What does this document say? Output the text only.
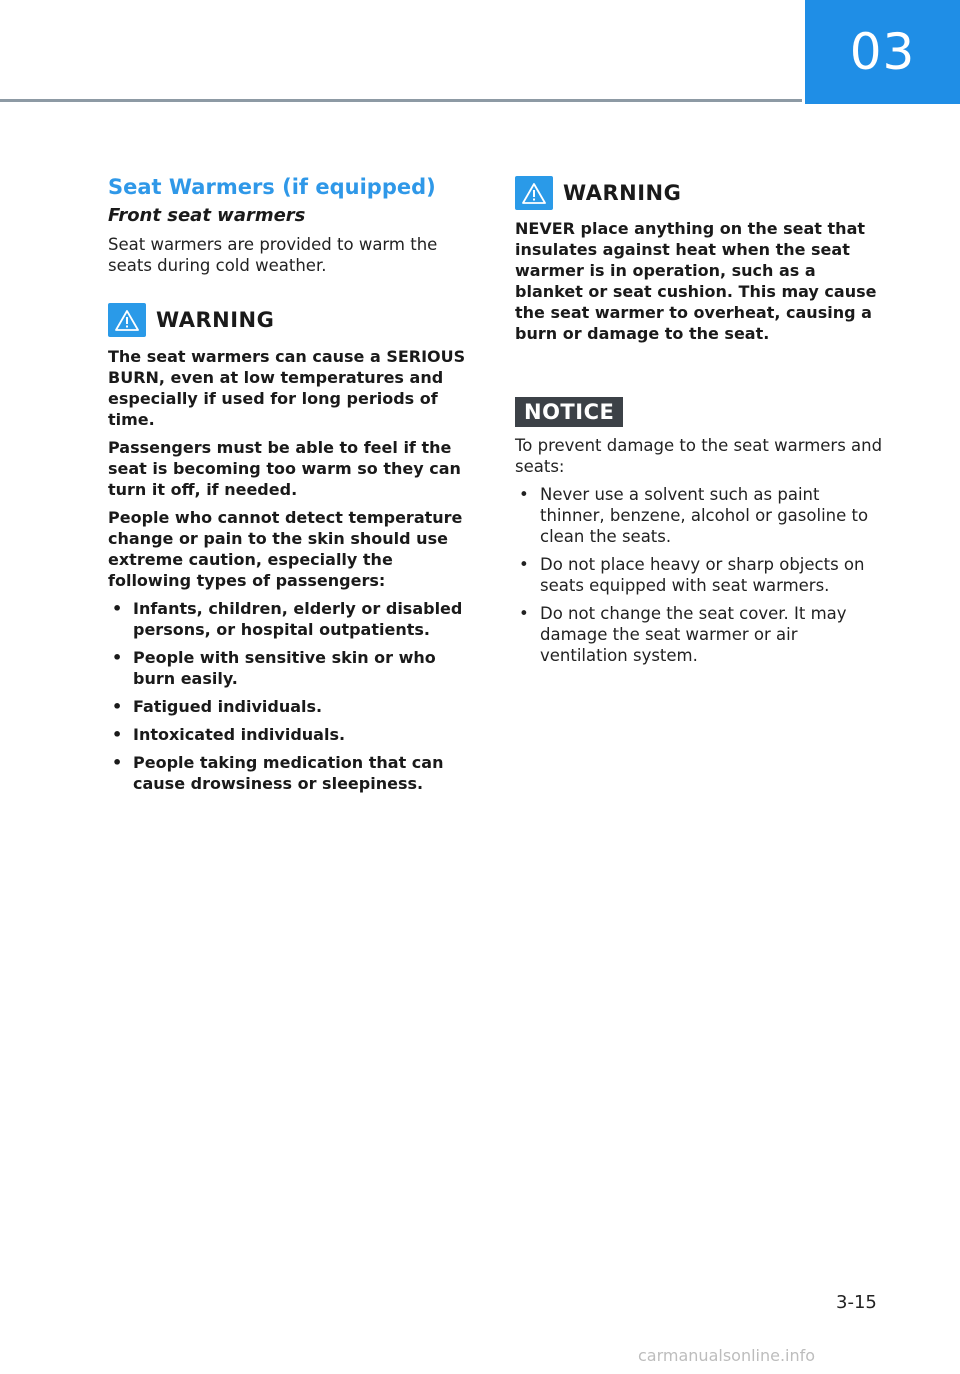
03
Seat Warmers (if equipped)
Front seat warmers

Seat warmers are provided to warm the seats during cold weather.

WARNING

The seat warmers can cause a SERIOUS BURN, even at low temperatures and especially if used for long periods of time.

Passengers must be able to feel if the seat is becoming too warm so they can turn it off, if needed.

People who cannot detect temperature change or pain to the skin should use extreme caution, especially the following types of passengers:

• Infants, children, elderly or disabled persons, or hospital outpatients.
• People with sensitive skin or who burn easily.
• Fatigued individuals.
• Intoxicated individuals.
• People taking medication that can cause drowsiness or sleepiness.
WARNING

NEVER place anything on the seat that insulates against heat when the seat warmer is in operation, such as a blanket or seat cushion. This may cause the seat warmer to overheat, causing a burn or damage to the seat.

NOTICE

To prevent damage to the seat warmers and seats:

• Never use a solvent such as paint thinner, benzene, alcohol or gasoline to clean the seats.
• Do not place heavy or sharp objects on seats equipped with seat warmers.
• Do not change the seat cover. It may damage the seat warmer or air ventilation system.
3-15
carmanualsonline.info
